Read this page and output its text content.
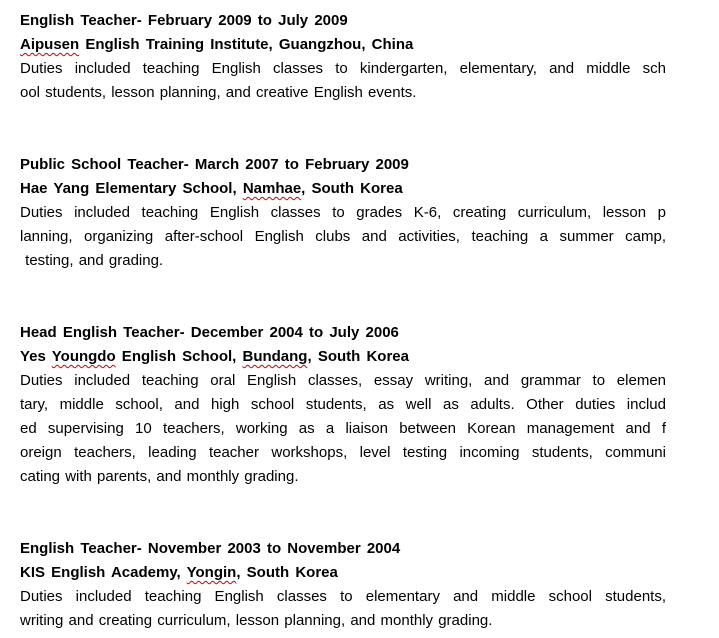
English Teacher- February 2009 to July 2009
Aipusen English Training Institute, Guangzhou, China
Duties included teaching English classes to kindergarten, elementary, and middle sch
ool students, lesson planning, and creative English events.
Public School Teacher- March 2007 to February 2009
Hae Yang Elementary School, Namhae, South Korea
Duties included teaching English classes to grades K-6, creating curriculum, lesson p
lanning, organizing after-school English clubs and activities, teaching a summer camp,
testing, and grading.
Head English Teacher- December 2004 to July 2006
Yes Youngdo English School, Bundang, South Korea
Duties included teaching oral English classes, essay writing, and grammar to elemen
tary, middle school, and high school students, as well as adults. Other duties includ
ed supervising 10 teachers, working as a liaison between Korean management and f
oreign teachers, leading teacher workshops, level testing incoming students, communi
cating with parents, and monthly grading.
English Teacher- November 2003 to November 2004
KIS English Academy, Yongin, South Korea
Duties included teaching English classes to elementary and middle school students,
writing and creating curriculum, lesson planning, and monthly grading.
